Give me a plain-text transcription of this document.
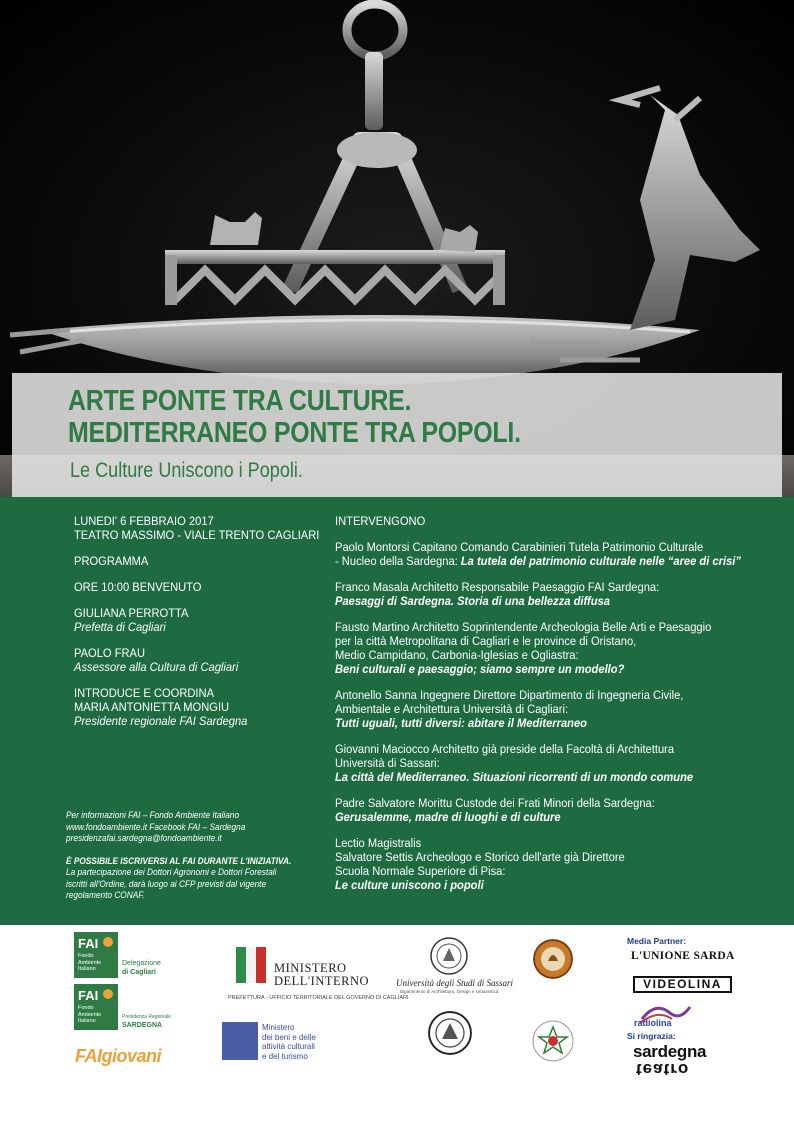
ARTE PONTE TRA CULTURE.
MEDITERRANEO PONTE TRA POPOLI.
Le Culture Uniscono i Popoli.
LUNEDI' 6 FEBBRAIO 2017
TEATRO MASSIMO - VIALE TRENTO CAGLIARI
PROGRAMMA
ORE 10:00 BENVENUTO
GIULIANA PERROTTA
Prefetta di Cagliari
PAOLO FRAU
Assessore alla Cultura di Cagliari
INTRODUCE E COORDINA
MARIA ANTONIETTA MONGIU
Presidente regionale FAI Sardegna
Per informazioni FAI – Fondo Ambiente Italiano
www.fondoambiente.it Facebook FAI – Sardegna
presidenzafai.sardegna@fondoambiente.it
È POSSIBILE ISCRIVERSI AL FAI DURANTE L'INIZIATIVA.
La partecipazione dei Dottori Agronomi e Dottori Forestali
iscritti all'Ordine, darà luogo ai CFP previsti dal vigente
regolamento CONAF.
INTERVENGONO
Paolo Montorsi Capitano Comando Carabinieri Tutela Patrimonio Culturale
- Nucleo della Sardegna: La tutela del patrimonio culturale nelle “aree di crisi”
Franco Masala Architetto Responsabile Paesaggio FAI Sardegna:
Paesaggi di Sardegna. Storia di una bellezza diffusa
Fausto Martino Architetto Soprintendente Archeologia Belle Arti e Paesaggio
per la città Metropolitana di Cagliari e le province di Oristano,
Medio Campidano, Carbonia-Iglesias e Ogliastra:
Beni culturali e paesaggio; siamo sempre un modello?
Antonello Sanna Ingegnere Direttore Dipartimento di Ingegneria Civile,
Ambientale e Architettura Università di Cagliari:
Tutti uguali, tutti diversi: abitare il Mediterraneo
Giovanni Maciocco Architetto già preside della Facoltà di Architettura
Università di Sassari:
La città del Mediterraneo. Situazioni ricorrenti di un mondo comune
Padre Salvatore Morittu Custode dei Frati Minori della Sardegna:
Gerusalemme, madre di luoghi e di culture
Lectio Magistralis
Salvatore Settis Archeologo e Storico dell'arte già Direttore
Scuola Normale Superiore di Pisa:
Le culture uniscono i popoli
FAI
Fondo
Ambiente
Italiano
Delegazione
di Cagliari
FAI
Fondo
Ambiente
Italiano
Presidenza Regionale
SARDEGNA
FAIgiovani
MINISTERO
DELL'INTERNO
PREFETTURA - UFFICIO TERRITORIALE DEL GOVERNO DI CAGLIARI
Ministero
dei beni e delle
attività culturali
e del turismo
Università degli Studi di Sassari
Dipartimento di Architettura, Design e Urbanistica
Media Partner:
L'UNIONE SARDA
VIDEOLINA
radiolina
Si ringrazia:
sardegna
teatro
